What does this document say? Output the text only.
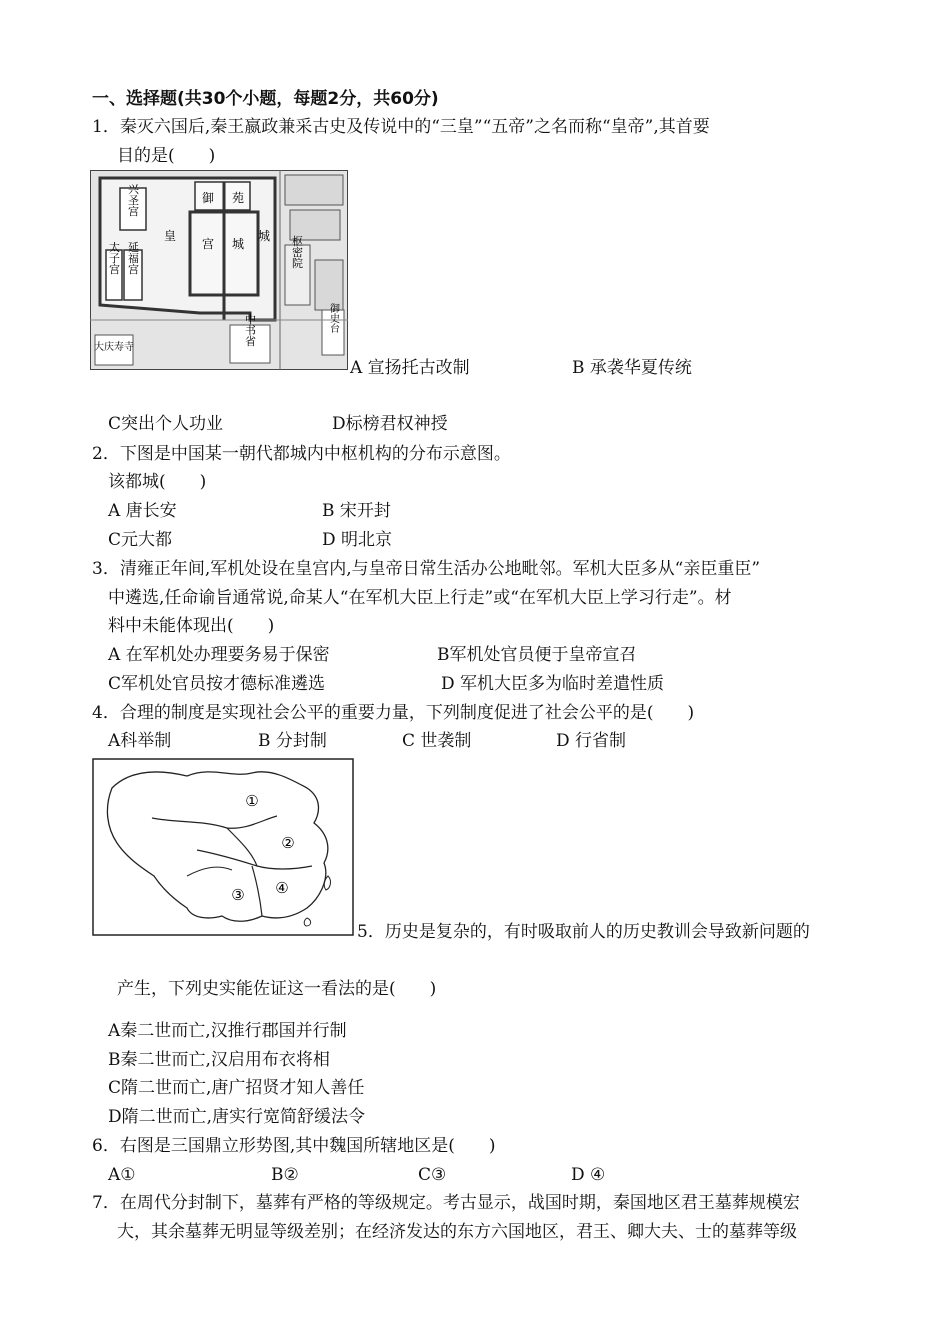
一、选择题(共30个小题，每题2分，共60分)
1．秦灭六国后,秦王嬴政兼采古史及传说中的“三皇”“五帝”之名而称“皇帝”,其首要
目的是(　　)
兴圣宫	御 苑
皇
宫 城
城
太子宫 延福宫	枢密院
中书省	御史台
大庆寿寺
A 宣扬托古改制	B 承袭华夏传统
C突出个人功业	D标榜君权神授
2．下图是中国某一朝代都城内中枢机构的分布示意图。
该都城(　　)
A 唐长安	B 宋开封
C元大都	D 明北京
3．清雍正年间,军机处设在皇宫内,与皇帝日常生活办公地毗邻。军机大臣多从“亲臣重臣”
中遴选,任命谕旨通常说,命某人“在军机大臣上行走”或“在军机大臣上学习行走”。材
料中未能体现出(　　)
A 在军机处办理要务易于保密	B军机处官员便于皇帝宣召
C军机处官员按才德标准遴选	D 军机大臣多为临时差遣性质
4．合理的制度是实现社会公平的重要力量，下列制度促进了社会公平的是(　　)
A科举制	B 分封制	C 世袭制	D 行省制
①
②
③ ④
5．历史是复杂的，有时吸取前人的历史教训会导致新问题的
产生，下列史实能佐证这一看法的是(　　)
A秦二世而亡,汉推行郡国并行制
B秦二世而亡,汉启用布衣将相
C隋二世而亡,唐广招贤才知人善任
D隋二世而亡,唐实行宽简舒缓法令
6．右图是三国鼎立形势图,其中魏国所辖地区是(　　)
A①	B②	C③	D ④
7．在周代分封制下，墓葬有严格的等级规定。考古显示，战国时期，秦国地区君王墓葬规模宏
大，其余墓葬无明显等级差别；在经济发达的东方六国地区，君王、卿大夫、士的墓葬等级
